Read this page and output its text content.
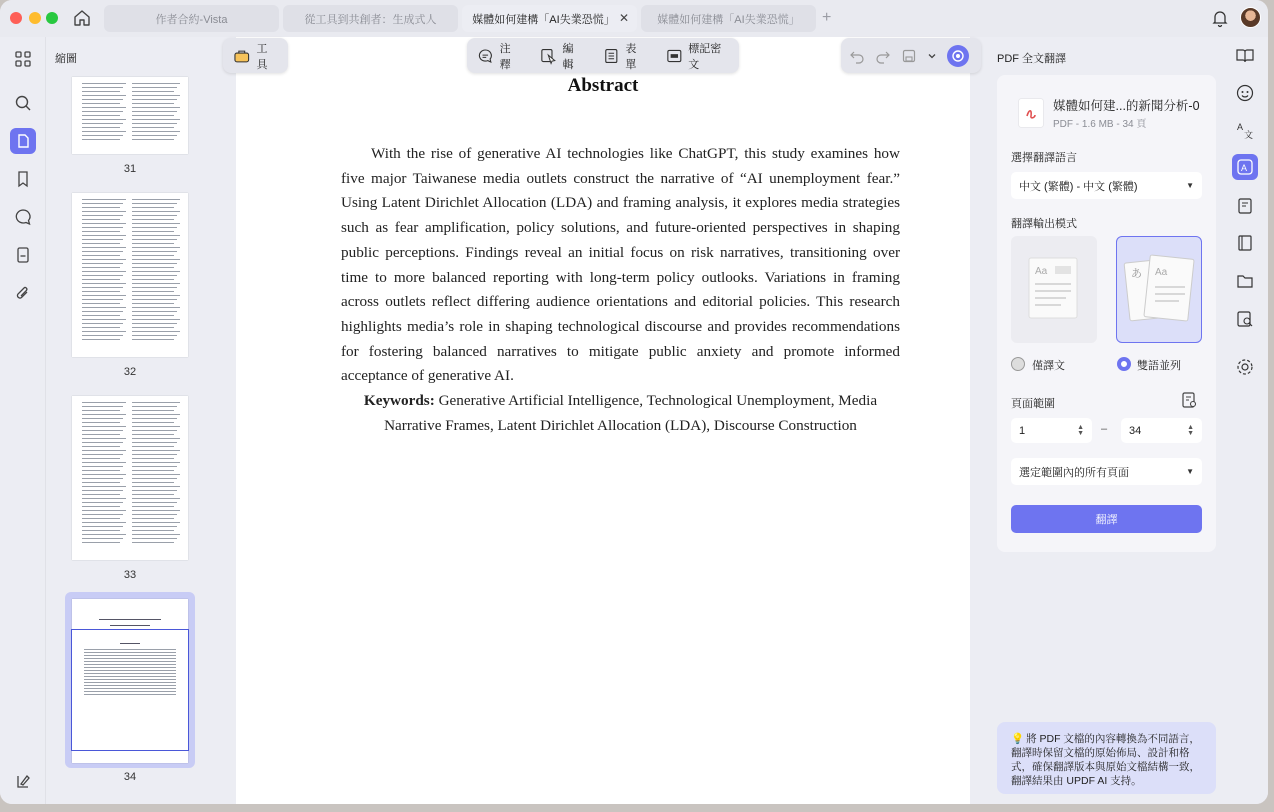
作者合約-Vista	從工具到共創者：生成式人	媒體如何建構「AI失業恐慌」 ✕	媒體如何建構「AI失業恐慌」 +
縮圖
31
32
33
34
Abstract
With the rise of generative AI technologies like ChatGPT, this study examines how five major Taiwanese media outlets construct the narrative of “AI unemployment fear.” Using Latent Dirichlet Allocation (LDA) and framing analysis, it explores media strategies such as fear amplification, policy solutions, and future-oriented perspectives in shaping public perceptions. Findings reveal an initial focus on risk narratives, transitioning over time to more balanced reporting with long-term policy outlooks. Variations in framing across outlets reflect differing audience orientations and editorial policies. This research highlights media’s role in shaping technological discourse and provides recommendations for fostering balanced narratives to mitigate public anxiety and promote informed acceptance of generative AI.
Keywords: Generative Artificial Intelligence, Technological Unemployment, Media Narrative Frames, Latent Dirichlet Allocation (LDA), Discourse Construction
工具
注釋
編輯
表單
標記密文	PDF 全文翻譯
媒體如何建...的新聞分析-0
PDF - 1.6 MB - 34 頁
選擇翻譯語言
中文 (繁體) - 中文 (繁體)	▼
翻譯輸出模式
Aa	あ Aa
僅譯文	雙語並列
頁面範圍
1	▲
▼ – 34	▲
▼
選定範圍內的所有頁面	▼
翻譯
💡 將 PDF 文檔的內容轉換為不同語言，翻譯時保留文檔的原始佈局、設計和格式，確保翻譯版本與原始文檔結構一致，翻譯結果由 UPDF AI 支持。
A
文
A
